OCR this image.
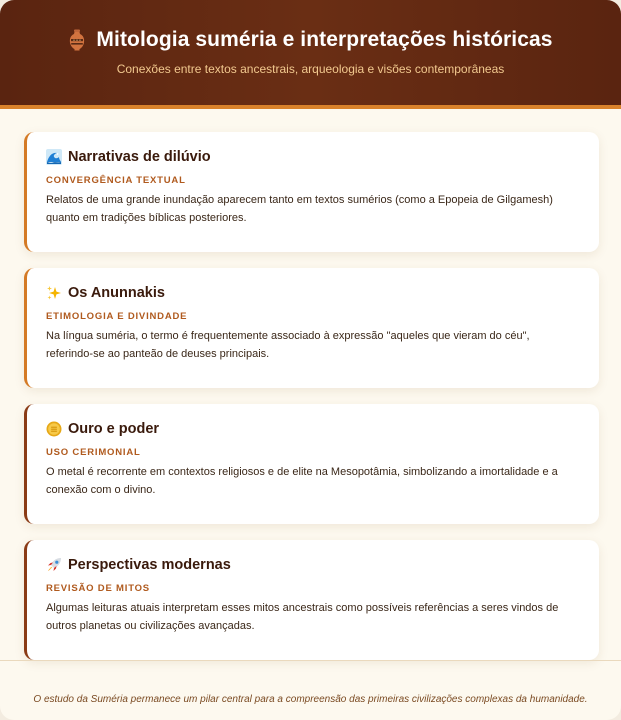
Mitologia suméria e interpretações históricas
Conexões entre textos ancestrais, arqueologia e visões contemporâneas
Narrativas de dilúvio
CONVERGÊNCIA TEXTUAL
Relatos de uma grande inundação aparecem tanto em textos sumérios (como a Epopeia de Gilgamesh) quanto em tradições bíblicas posteriores.
Os Anunnakis
ETIMOLOGIA E DIVINDADE
Na língua suméria, o termo é frequentemente associado à expressão "aqueles que vieram do céu", referindo-se ao panteão de deuses principais.
Ouro e poder
USO CERIMONIAL
O metal é recorrente em contextos religiosos e de elite na Mesopotâmia, simbolizando a imortalidade e a conexão com o divino.
Perspectivas modernas
REVISÃO DE MITOS
Algumas leituras atuais interpretam esses mitos ancestrais como possíveis referências a seres vindos de outros planetas ou civilizações avançadas.
O estudo da Suméria permanece um pilar central para a compreensão das primeiras civilizações complexas da humanidade.
